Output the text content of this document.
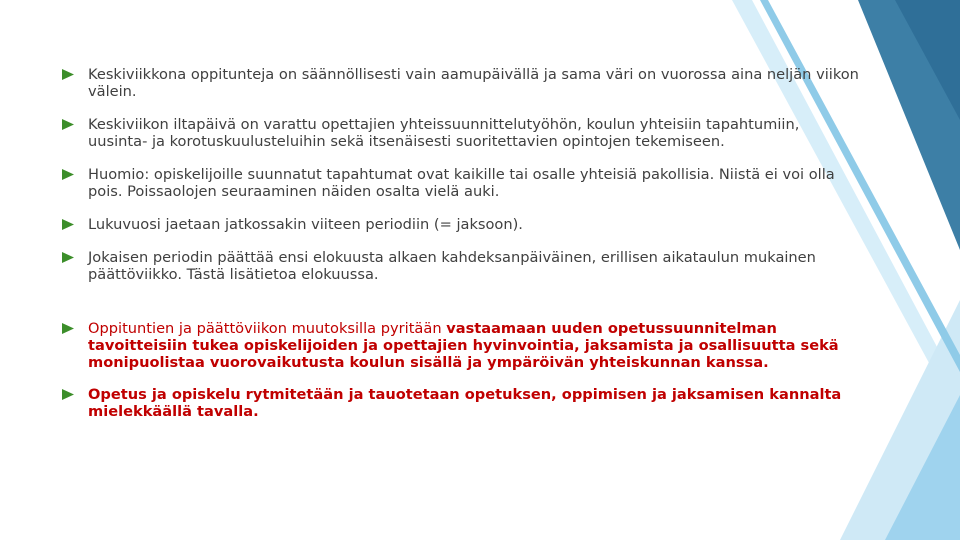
Keskiviikkona oppitunteja on säännöllisesti vain aamupäivällä ja sama väri on vuorossa aina neljän viikon välein.
Keskiviikon iltapäivä on varattu opettajien yhteissuunnittelutyöhön, koulun yhteisiin tapahtumiin, uusinta- ja korotuskuulusteluihin sekä itsenäisesti suoritettavien opintojen tekemiseen.
Huomio: opiskelijoille suunnatut tapahtumat ovat kaikille tai osalle yhteisiä pakollisia. Niistä ei voi olla pois. Poissaolojen seuraaminen näiden osalta vielä auki.
Lukuvuosi jaetaan jatkossakin viiteen periodiin (= jaksoon).
Jokaisen periodin päättää ensi elokuusta alkaen kahdeksanpäiväinen, erillisen aikataulun mukainen päättöviikko. Tästä lisätietoa elokuussa.
Oppituntien ja päättöviikon muutoksilla pyritään vastaamaan uuden opetussuunnitelman tavoitteisiin tukea opiskelijoiden ja opettajien hyvinvointia, jaksamista ja osallisuutta sekä monipuolistaa vuorovaikutusta koulun sisällä ja ympäröivän yhteiskunnan kanssa.
Opetus ja opiskelu rytmitetään ja tauotetaan opetuksen, oppimisen ja jaksamisen kannalta mielekkäällä tavalla.
